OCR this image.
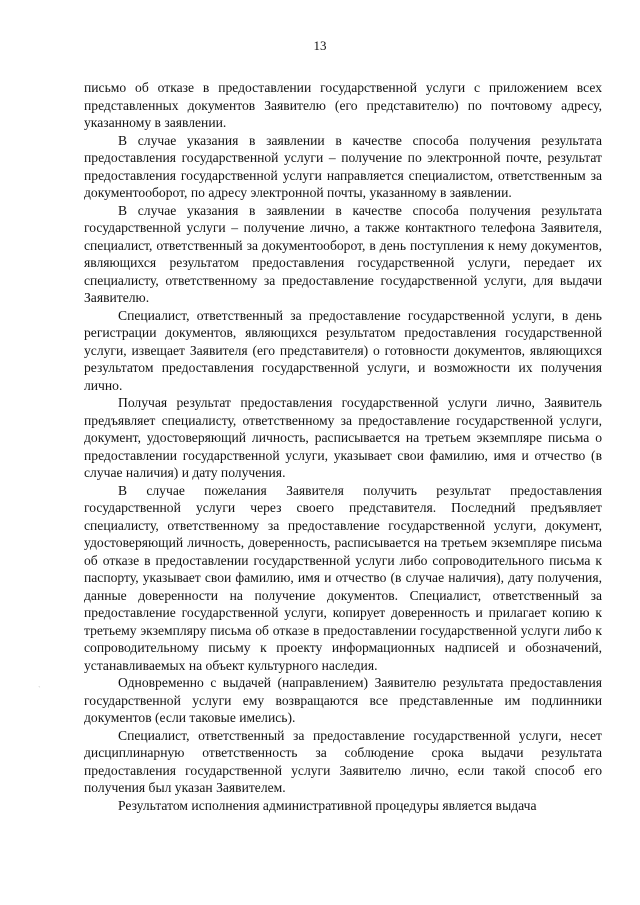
13
`

письмо об отказе в предоставлении государственной услуги с приложением всех представленных документов Заявителю (его представителю) по почтовому адресу, указанному в заявлении.

В случае указания в заявлении в качестве способа получения результата предоставления государственной услуги – получение по электронной почте, результат предоставления государственной услуги направляется специалистом, ответственным за документооборот, по адресу электронной почты, указанному в заявлении.

В случае указания в заявлении в качестве способа получения результата государственной услуги – получение лично, а также контактного телефона Заявителя, специалист, ответственный за документооборот, в день поступления к нему документов, являющихся результатом предоставления государственной услуги, передает их специалисту, ответственному за предоставление государственной услуги, для выдачи Заявителю.

Специалист, ответственный за предоставление государственной услуги, в день регистрации документов, являющихся результатом предоставления государственной услуги, извещает Заявителя (его представителя) о готовности документов, являющихся результатом предоставления государственной услуги, и возможности их получения лично.

Получая результат предоставления государственной услуги лично, Заявитель предъявляет специалисту, ответственному за предоставление государственной услуги, документ, удостоверяющий личность, расписывается на третьем экземпляре письма о предоставлении государственной услуги, указывает свои фамилию, имя и отчество (в случае наличия) и дату получения.

В случае пожелания Заявителя получить результат предоставления государственной услуги через своего представителя. Последний предъявляет специалисту, ответственному за предоставление государственной услуги, документ, удостоверяющий личность, доверенность, расписывается на третьем экземпляре письма об отказе в предоставлении государственной услуги либо сопроводительного письма к паспорту, указывает свои фамилию, имя и отчество (в случае наличия), дату получения, данные доверенности на получение документов. Специалист, ответственный за предоставление государственной услуги, копирует доверенность и прилагает копию к третьему экземпляру письма об отказе в предоставлении государственной услуги либо к сопроводительному письму к проекту информационных надписей и обозначений, устанавливаемых на объект культурного наследия.

Одновременно с выдачей (направлением) Заявителю результата предоставления государственной услуги ему возвращаются все представленные им подлинники документов (если таковые имелись).

Специалист, ответственный за предоставление государственной услуги, несет дисциплинарную ответственность за соблюдение срока выдачи результата предоставления государственной услуги Заявителю лично, если такой способ его получения был указан Заявителем.

Результатом исполнения административной процедуры является выдача
